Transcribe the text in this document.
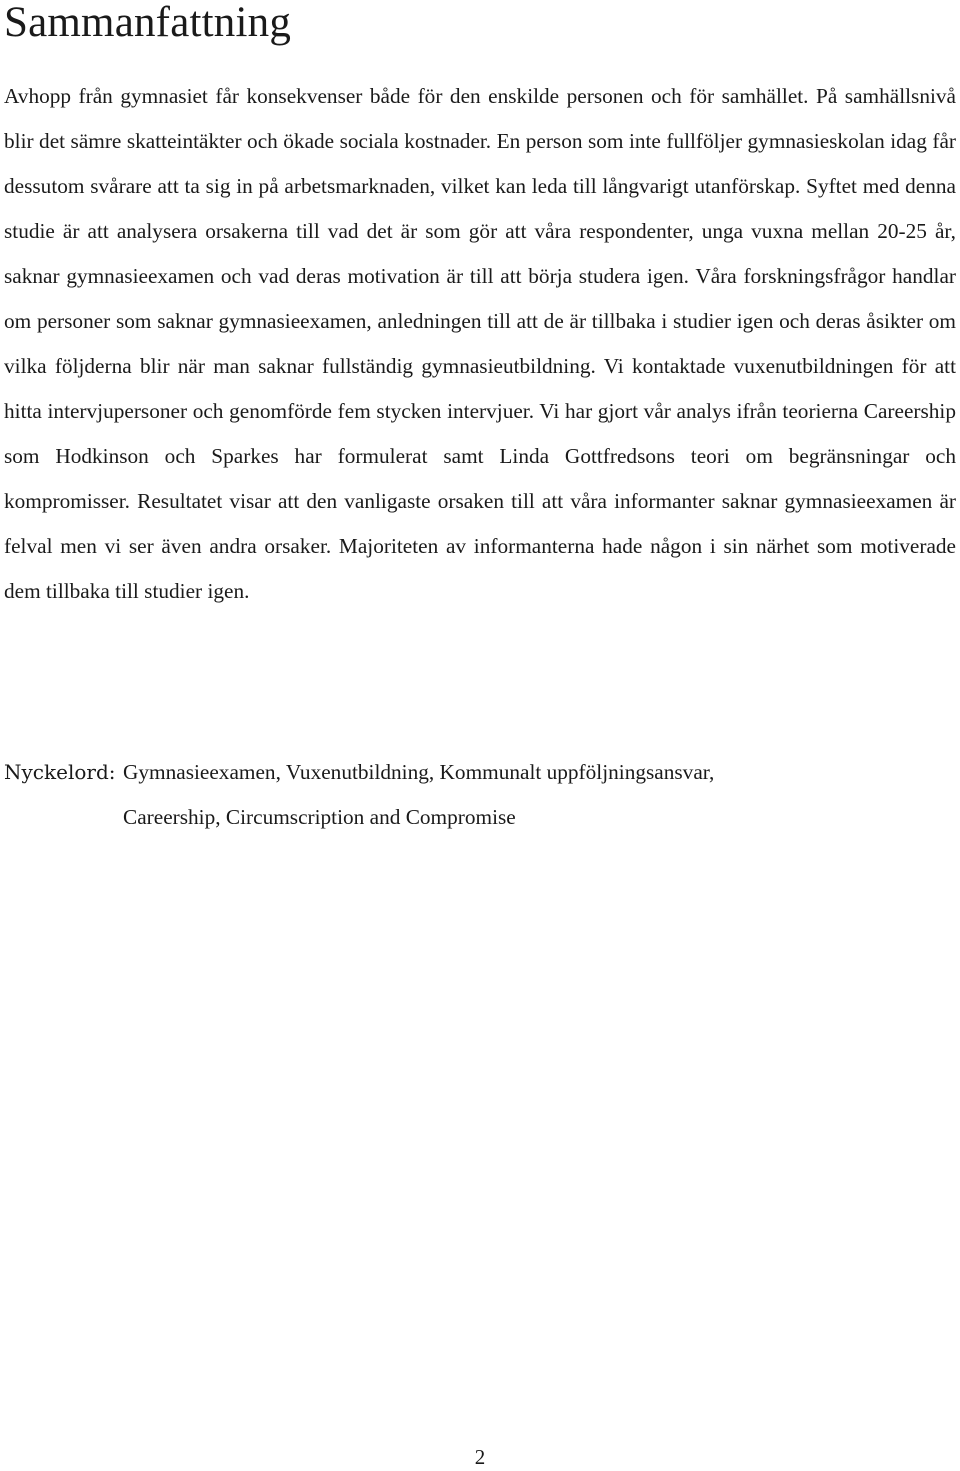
Sammanfattning

Avhopp från gymnasiet får konsekvenser både för den enskilde personen och för samhället. På samhällsnivå blir det sämre skatteintäkter och ökade sociala kostnader. En person som inte fullföljer gymnasieskolan idag får dessutom svårare att ta sig in på arbetsmarknaden, vilket kan leda till långvarigt utanförskap. Syftet med denna studie är att analysera orsakerna till vad det är som gör att våra respondenter, unga vuxna mellan 20-25 år, saknar gymnasieexamen och vad deras motivation är till att börja studera igen. Våra forskningsfrågor handlar om personer som saknar gymnasieexamen, anledningen till att de är tillbaka i studier igen och deras åsikter om vilka följderna blir när man saknar fullständig gymnasieutbildning. Vi kontaktade vuxenutbildningen för att hitta intervjupersoner och genomförde fem stycken intervjuer. Vi har gjort vår analys ifrån teorierna Careership som Hodkinson och Sparkes har formulerat samt Linda Gottfredsons teori om begränsningar och kompromisser. Resultatet visar att den vanligaste orsaken till att våra informanter saknar gymnasieexamen är felval men vi ser även andra orsaker. Majoriteten av informanterna hade någon i sin närhet som motiverade dem tillbaka till studier igen.

Nyckelord: Gymnasieexamen, Vuxenutbildning, Kommunalt uppföljningsansvar,
Careership, Circumscription and Compromise
2
